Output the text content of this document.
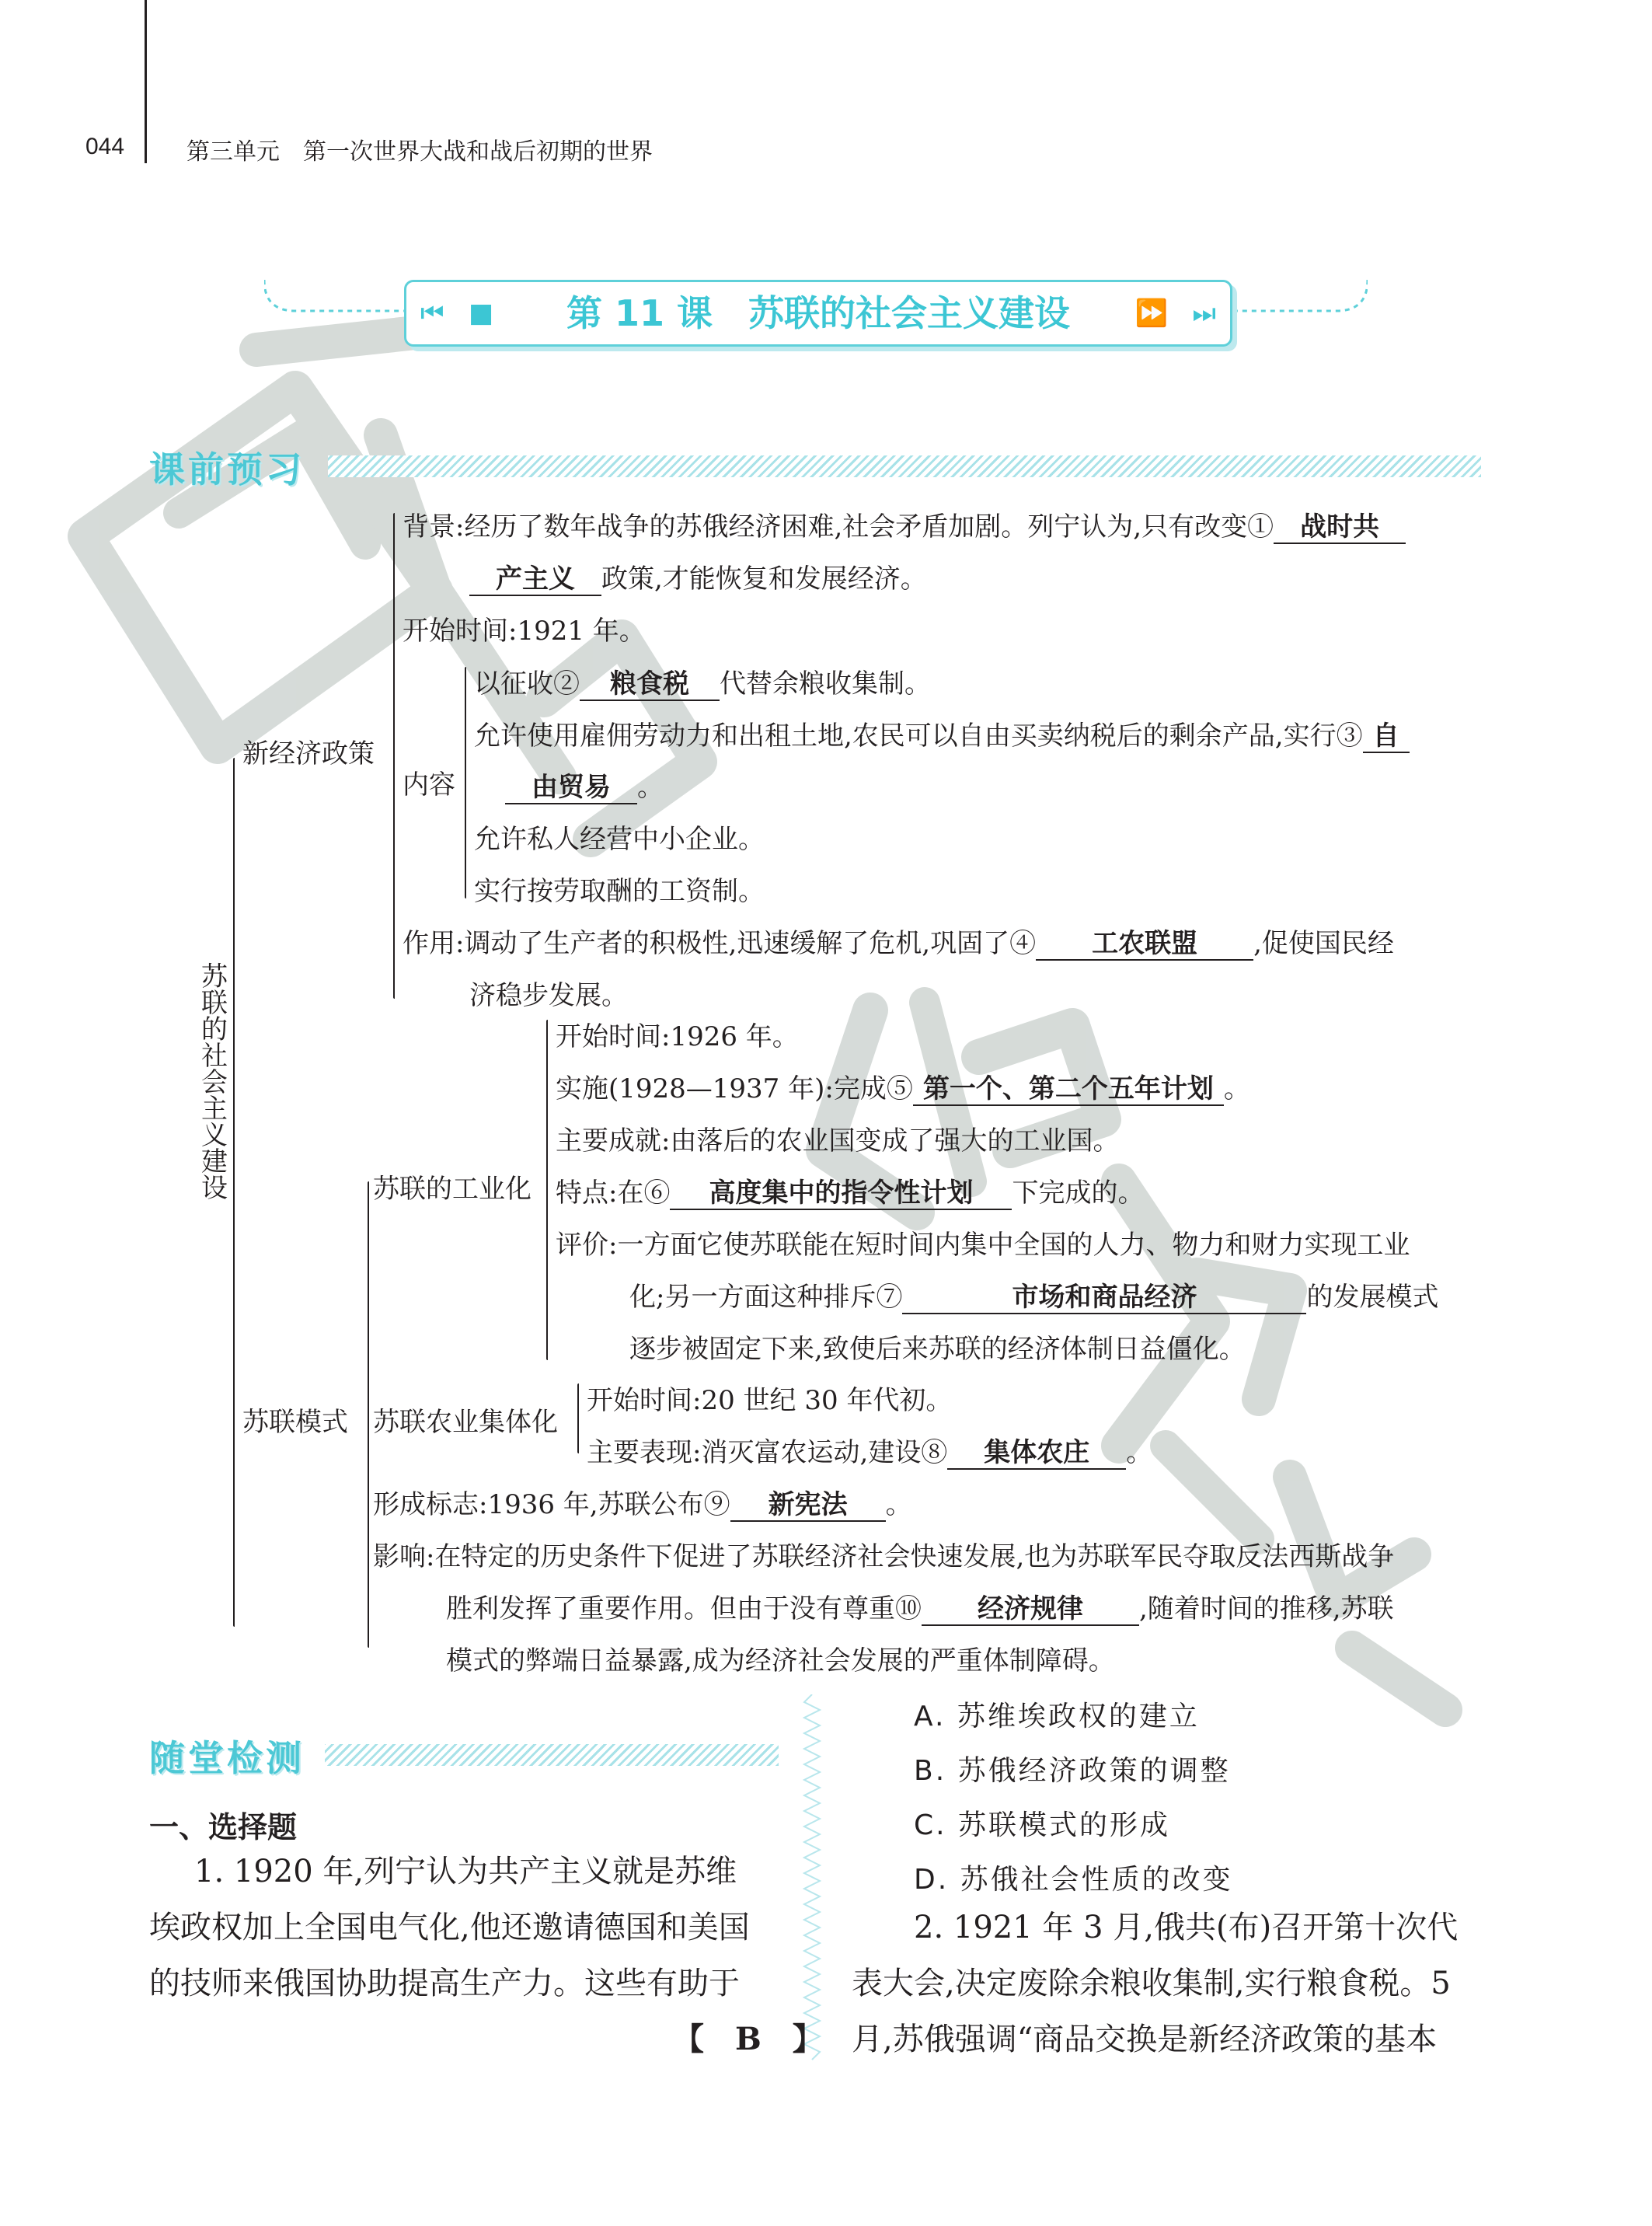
044	第三单元　第一次世界大战和战后初期的世界
⏮ ■	第 11 课　苏联的社会主义建设	⏩ ⏭
课前预习
苏联的社会主义建设
新经济政策
背景:经历了数年战争的苏俄经济困难,社会矛盾加剧。列宁认为,只有改变① 战时共
产主义 政策,才能恢复和发展经济。
开始时间:1921 年。
内容
以征收② 粮食税 代替余粮收集制。
允许使用雇佣劳动力和出租土地,农民可以自由买卖纳税后的剩余产品,实行③ 自
由贸易 。
允许私人经营中小企业。
实行按劳取酬的工资制。
作用:调动了生产者的积极性,迅速缓解了危机,巩固了④ 工农联盟 ,促使国民经
济稳步发展。
苏联模式
苏联的工业化
开始时间:1926 年。
实施(1928—1937 年):完成⑤ 第一个、第二个五年计划 。
主要成就:由落后的农业国变成了强大的工业国。
特点:在⑥ 高度集中的指令性计划 下完成的。
评价:一方面它使苏联能在短时间内集中全国的人力、物力和财力实现工业
化;另一方面这种排斥⑦	市场和商品经济	的发展模式
逐步被固定下来,致使后来苏联的经济体制日益僵化。
苏联农业集体化
开始时间:20 世纪 30 年代初。
主要表现:消灭富农运动,建设⑧ 集体农庄 。
形成标志:1936 年,苏联公布⑨ 新宪法 。
影响:在特定的历史条件下促进了苏联经济社会快速发展,也为苏联军民夺取反法西斯战争
胜利发挥了重要作用。但由于没有尊重⑩ 经济规律 ,随着时间的推移,苏联
模式的弊端日益暴露,成为经济社会发展的严重体制障碍。
随堂检测
一、选择题
1. 1920 年,列宁认为共产主义就是苏维
埃政权加上全国电气化,他还邀请德国和美国
的技师来俄国协助提高生产力。这些有助于
【　B　】
A. 苏维埃政权的建立
B. 苏俄经济政策的调整
C. 苏联模式的形成
D. 苏俄社会性质的改变
2. 1921 年 3 月,俄共(布)召开第十次代
表大会,决定废除余粮收集制,实行粮食税。5
月,苏俄强调“商品交换是新经济政策的基本
